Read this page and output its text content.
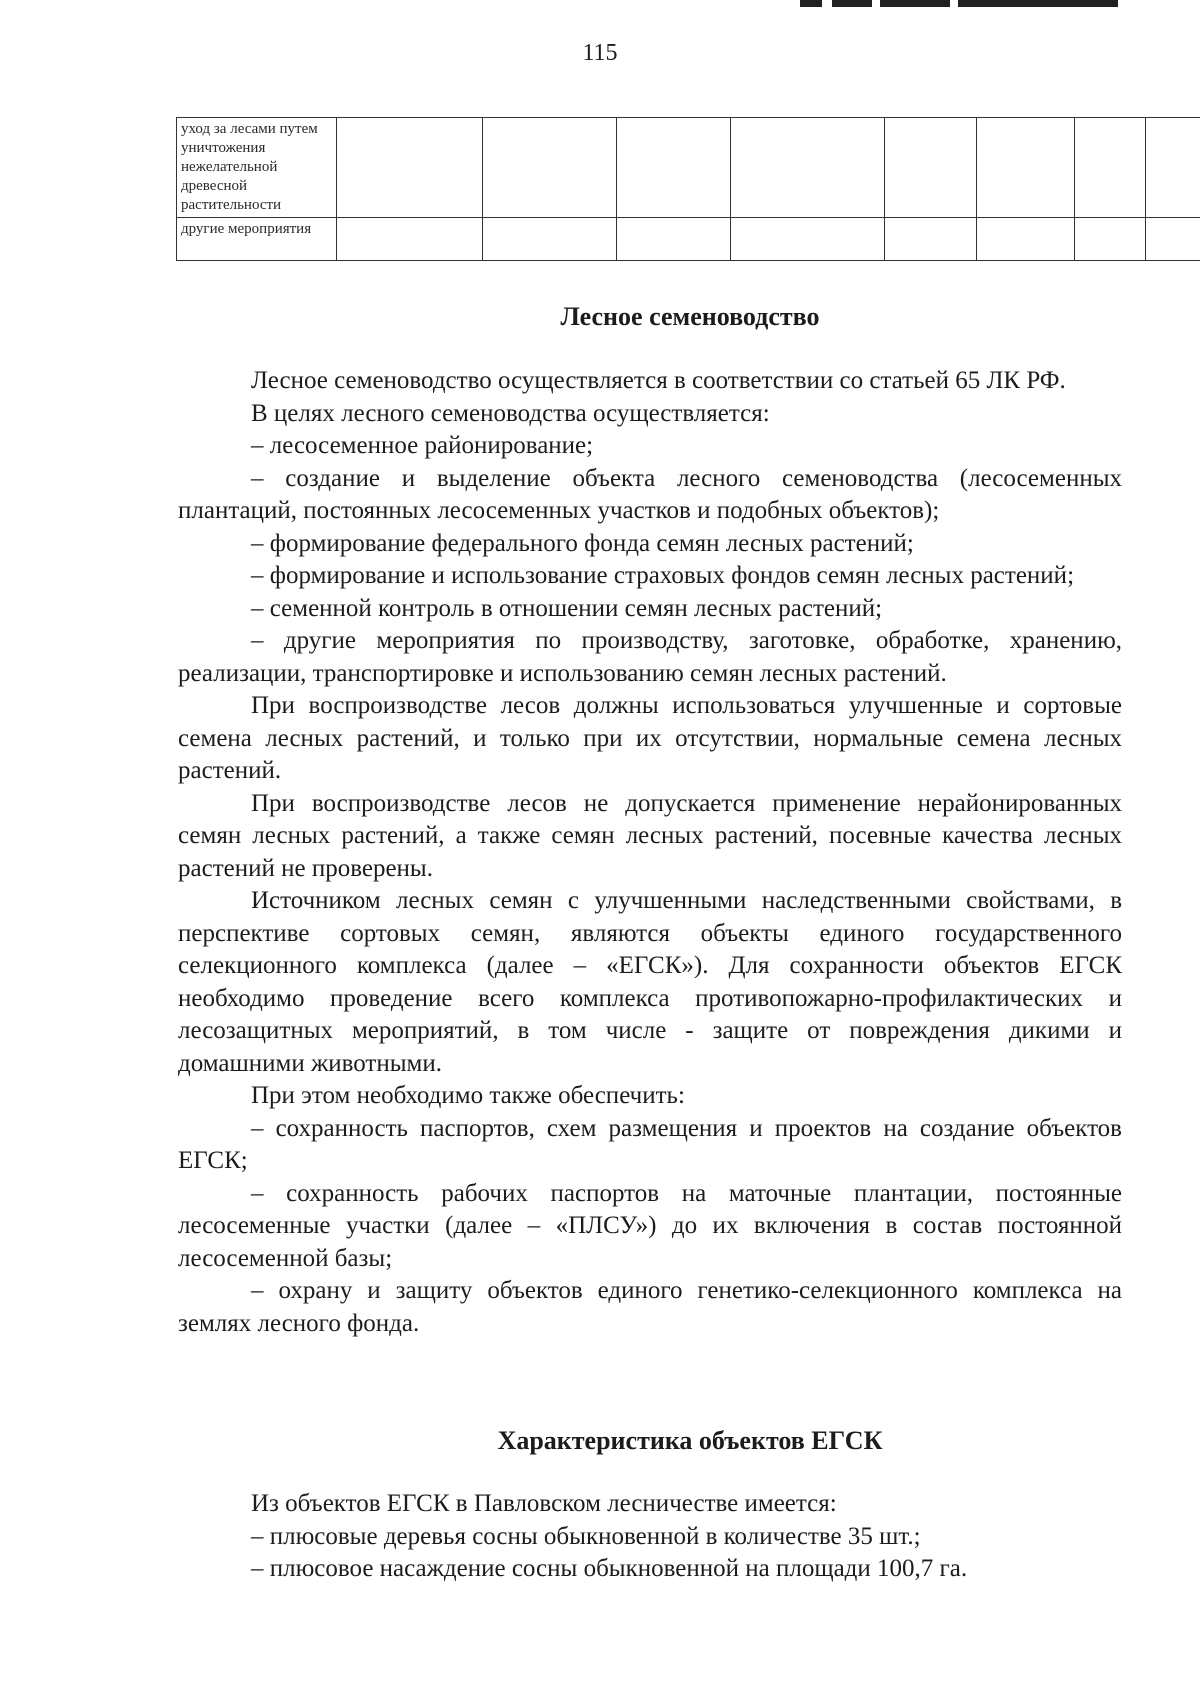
115
уход за лесами путем уничтожения нежелательной древесной растительности									
другие мероприятия									
Лесное семеноводство

Лесное семеноводство осуществляется в соответствии со статьей 65 ЛК РФ.

В целях лесного семеноводства осуществляется:

– лесосеменное районирование;

– создание и выделение объекта лесного семеноводства (лесосеменных плантаций, постоянных лесосеменных участков и подобных объектов);

– формирование федерального фонда семян лесных растений;

– формирование и использование страховых фондов семян лесных растений;

– семенной контроль в отношении семян лесных растений;

– другие мероприятия по производству, заготовке, обработке, хранению, реализации, транспортировке и использованию семян лесных растений.

При воспроизводстве лесов должны использоваться улучшенные и сортовые семена лесных растений, и только при их отсутствии, нормальные семена лесных растений.

При воспроизводстве лесов не допускается применение нерайонированных семян лесных растений, а также семян лесных растений, посевные качества лесных растений не проверены.

Источником лесных семян с улучшенными наследственными свойствами, в перспективе сортовых семян, являются объекты единого государственного селекционного комплекса (далее – «ЕГСК»). Для сохранности объектов ЕГСК необходимо проведение всего комплекса противопожарно-профилактических и лесозащитных мероприятий, в том числе - защите от повреждения дикими и домашними животными.

При этом необходимо также обеспечить:

– сохранность паспортов, схем размещения и проектов на создание объектов ЕГСК;

– сохранность рабочих паспортов на маточные плантации, постоянные лесосеменные участки (далее – «ПЛСУ») до их включения в состав постоянной лесосеменной базы;

– охрану и защиту объектов единого генетико-селекционного комплекса на землях лесного фонда.

Характеристика объектов ЕГСК

Из объектов ЕГСК в Павловском лесничестве имеется:

– плюсовые деревья сосны обыкновенной в количестве 35 шт.;

– плюсовое насаждение сосны обыкновенной на площади 100,7 га.
